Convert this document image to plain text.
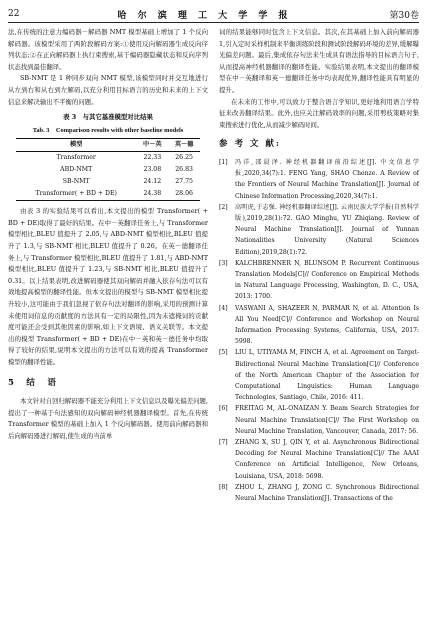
22	哈 尔 滨 理 工 大 学 学 报	第30卷

法,在传统的注意力编码器－解码器 NMT 模型基础上增加了 1 个反向解码器。该模型采用了两阶段解码方案:①使用反向解码器生成反向序列状态;②在正向解码器上执行束搜索,基于编码器隐藏状态和反向序列状态找到最佳翻译。

SB-NMT 是 1 种同步双向 NMT 模型,该模型同时并交互地进行从左到右和从右到左解码,以充分利用目标语言的历史和未来的上下文信息来解决输出不平衡的问题。

表 3　与其它基准模型对比结果
Tab. 3　Comparison results with other baseline models
模型	中－英	英－德
Transformer	22.33	26.25
ABD-NMT	23.08	26.83
SB-NMT	24.12	27.75
Transformer( + BD + DE)	24.38	28.06

由表 3 的实验结果可以看出,本文提出的模型 Transformer( + BD + DE)取得了最好的结果。在中－英翻译任务上,与 Transformer 模型相比,BLEU 值提升了 2.05,与 ABD-NMT 模型相比,BLEU 值提升了 1.3,与 SB-NMT 相比,BLEU 值提升了 0.26。在英－德翻译任务上,与 Transformer 模型相比,BLEU 值提升了 1.81,与 ABD-NMT 模型相比,BLEU 值提升了 1.23,与 SB-NMT 相比,BLEU 值提升了 0.31。以上结果表明,改进解码器使其双向解码并融入依存句法可以有效地提高模型的翻译性能。但本文提出的模型与 SB-NMT 模型相比提升较小,这可能由于我们忽视了依存句法对翻译的影响,采用的预测计算未使用词信息的贡献度的方法具有一定的局限性,因为未遮掩词的贡献度可能还会受到其他因素的影响,如上下文语境、语义关联等。本文提出的模型 Transformer( + BD + DE)在中－英和英－德任务中均取得了较好的结果,说明本文提出的方法可以有效的提高 Transformer 模型的翻译性能。

5　结　语

本文针对自回归解码器不能充分利用上下文信息以及曝光偏差问题,提出了一种基于句法感知的双向解码神经机器翻译模型。首先,在传统 Transformer 模型的基础上加入 1 个反向解码器。使用前向解码器和后向解码器进行解码,使生成的当前单

词的结果能够同时包含上下文信息。其次,在其基础上加入前向解码器 1,引入定时采样机制来平衡训练阶段和测试阶段解码环境的差异,缓解曝光偏差问题。最后,集成依存句法来生成具有语法指导的目标语言句子,从而提高神经机器翻译的翻译性能。实验结果表明,本文提出的翻译模型在中－英翻译和英－德翻译任务中均表现优异,翻译性能具有明显的提升。

在未来的工作中,可以致力于整合语言学知识,更好地利用语言学特征来改善翻译结果。此外,也应关注解码效率的问题,采用剪枝策略对集束搜索进行优化,从而减少解码时间。

参 考 文 献:
[1]	冯洋,邵晨泽. 神经机器翻译前沿综述[J]. 中文信息学报,2020,34(7):1. FENG Yang, SHAO Chenze. A Review of the Frontiers of Neural Machine Translation[J]. Journal of Chinese Information Processing,2020,34(7):1.
[2]	高明虎,于志强. 神经机器翻译综述[J]. 云南民族大学学报(自然科学版),2019,28(1):72. GAO Minghu, YU Zhiqiang. Review of Neural Machine Translation[J]. Journal of Yunnan Nationalities University (Natural Sciences Edition),2019,28(1):72.
[3]	KALCHBRENNER N, BLUNSOM P. Recurrent Continuous Translation Models[C]// Conference on Empirical Methods in Natural Language Processing, Washington, D. C., USA, 2013: 1700.
[4]	VASWANI A, SHAZEER N, PARMAR N, et al. Attention Is All You Need[C]// Conference and Workshop on Neural Information Processing Systems, California, USA, 2017: 5998.
[5]	LIU L, UTIYAMA M, FINCH A, et al. Agreement on Target-Bidirectional Neural Machine Translation[C]// Conference of the North American Chapter of the Association for Computational Linguistics: Human Language Technologies, Santiago, Chile, 2016: 411.
[6]	FREITAG M, AL-ONAIZAN Y. Beam Search Strategies for Neural Machine Translation[C]// The First Workshop on Neural Machine Translation, Vancouver, Canada, 2017: 56.
[7]	ZHANG X, SU J, QIN Y, et al. Asynchronous Bidirectional Decoding for Neural Machine Translation[C]// The AAAI Conference on Artificial Intelligence, New Orleans, Louisiana, USA, 2018: 5698.
[8]	ZHOU L, ZHANG J, ZONG C. Synchronous Bidirectional Neural Machine Translation[J]. Transactions of the
